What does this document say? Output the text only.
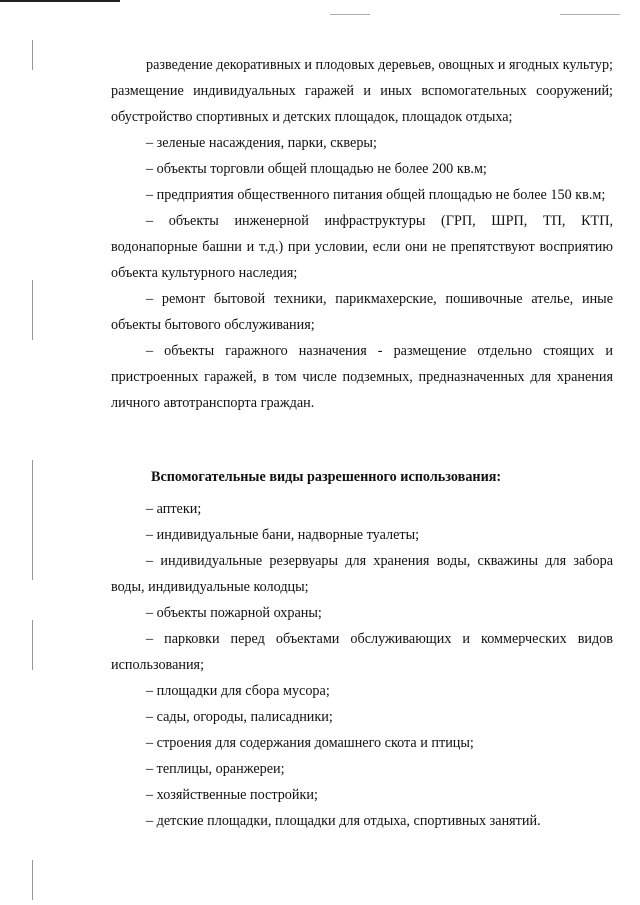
разведение декоративных и плодовых деревьев, овощных и ягодных культур; размещение индивидуальных гаражей и иных вспомогательных сооружений; обустройство спортивных и детских площадок, площадок отдыха;

– зеленые насаждения, парки, скверы;

– объекты торговли общей площадью не более 200 кв.м;

– предприятия общественного питания общей площадью не более 150 кв.м;

– объекты инженерной инфраструктуры (ГРП, ШРП, ТП, КТП, водонапорные башни и т.д.) при условии, если они не препятствуют восприятию объекта культурного наследия;

– ремонт бытовой техники, парикмахерские, пошивочные ателье, иные объекты бытового обслуживания;

– объекты гаражного назначения - размещение отдельно стоящих и пристроенных гаражей, в том числе подземных, предназначенных для хранения личного автотранспорта граждан.

Вспомогательные виды разрешенного использования:

– аптеки;

– индивидуальные бани, надворные туалеты;

– индивидуальные резервуары для хранения воды, скважины для забора воды, индивидуальные колодцы;

– объекты пожарной охраны;

– парковки перед объектами обслуживающих и коммерческих видов использования;

– площадки для сбора мусора;

– сады, огороды, палисадники;

– строения для содержания домашнего скота и птицы;

– теплицы, оранжереи;

– хозяйственные постройки;

– детские площадки, площадки для отдыха, спортивных занятий.
